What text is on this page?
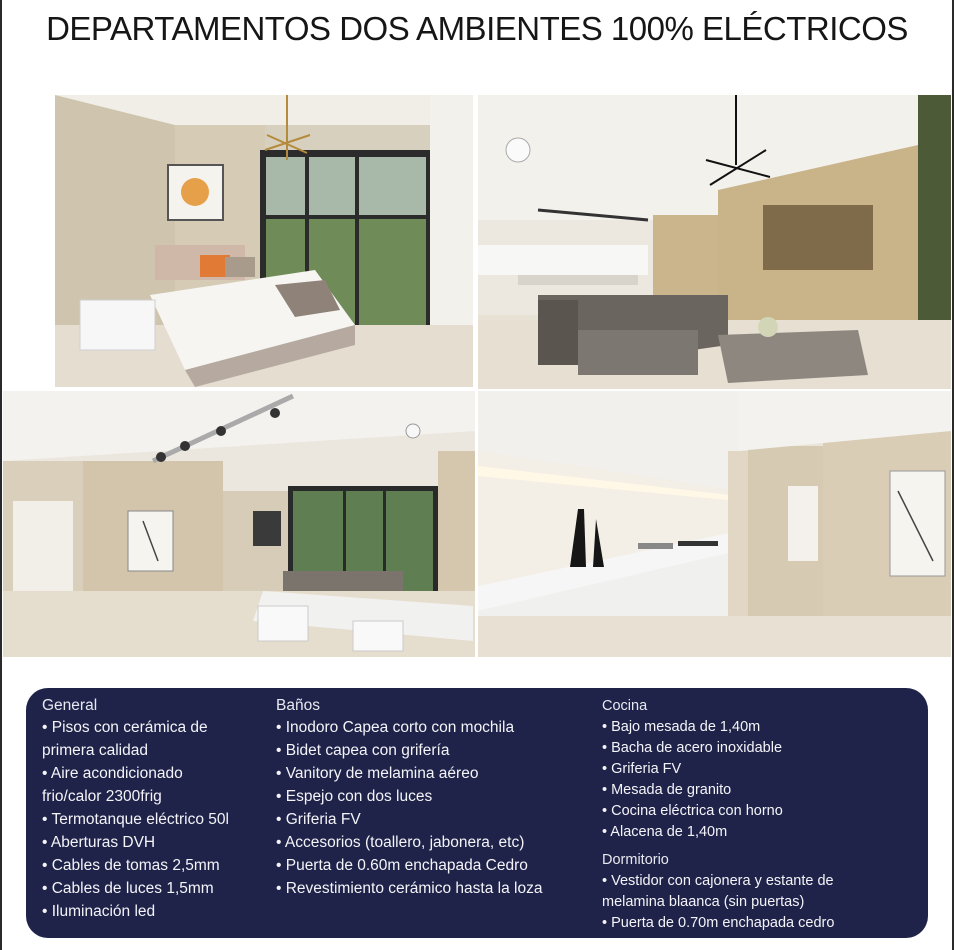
DEPARTAMENTOS DOS AMBIENTES 100% ELÉCTRICOS
General
• Pisos con cerámica de
primera calidad
• Aire acondicionado
frio/calor 2300frig
• Termotanque eléctrico 50l
• Aberturas DVH
• Cables de tomas 2,5mm
• Cables de luces 1,5mm
• Iluminación led
Baños
• Inodoro Capea corto con mochila
• Bidet capea con grifería
• Vanitory de melamina aéreo
• Espejo con dos luces
• Griferia FV
• Accesorios (toallero, jabonera, etc)
• Puerta de 0.60m enchapada Cedro
• Revestimiento cerámico hasta la loza
Cocina
• Bajo mesada de 1,40m
• Bacha de acero inoxidable
• Griferia FV
• Mesada de granito
• Cocina eléctrica con horno
• Alacena de 1,40m
Dormitorio
• Vestidor con cajonera y estante de
melamina blaanca (sin puertas)
• Puerta de 0.70m enchapada cedro
